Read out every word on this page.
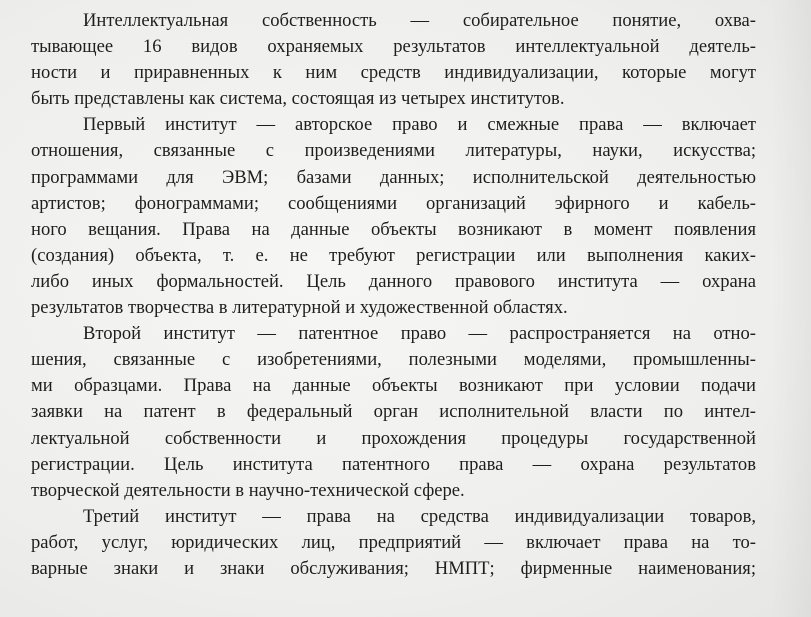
Интеллектуальная собственность — собирательное понятие, охва-
тывающее 16 видов охраняемых результатов интеллектуальной деятель-
ности и приравненных к ним средств индивидуализации, которые могут
быть представлены как система, состоящая из четырех институтов.
Первый институт — авторское право и смежные права — включает
отношения, связанные с произведениями литературы, науки, искусства;
программами для ЭВМ; базами данных; исполнительской деятельностью
артистов; фонограммами; сообщениями организаций эфирного и кабель-
ного вещания. Права на данные объекты возникают в момент появления
(создания) объекта, т. е. не требуют регистрации или выполнения каких-
либо иных формальностей. Цель данного правового института — охрана
результатов творчества в литературной и художественной областях.
Второй институт — патентное право — распространяется на отно-
шения, связанные с изобретениями, полезными моделями, промышленны-
ми образцами. Права на данные объекты возникают при условии подачи
заявки на патент в федеральный орган исполнительной власти по интел-
лектуальной собственности и прохождения процедуры государственной
регистрации. Цель института патентного права — охрана результатов
творческой деятельности в научно-технической сфере.
Третий институт — права на средства индивидуализации товаров,
работ, услуг, юридических лиц, предприятий — включает права на то-
варные знаки и знаки обслуживания; НМПТ; фирменные наименования;
